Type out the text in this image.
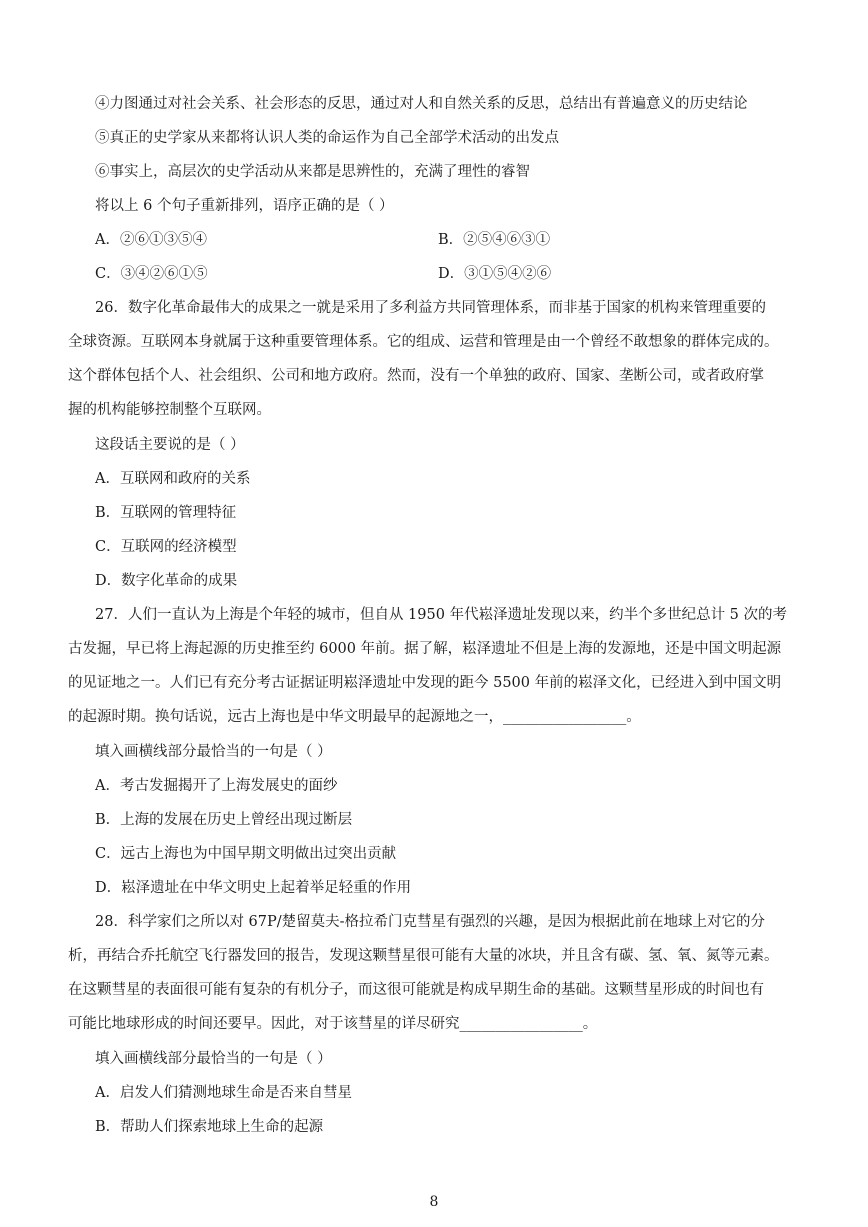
④力图通过对社会关系、社会形态的反思，通过对人和自然关系的反思，总结出有普遍意义的历史结论
⑤真正的史学家从来都将认识人类的命运作为自己全部学术活动的出发点
⑥事实上，高层次的史学活动从来都是思辨性的，充满了理性的睿智
将以上 6 个句子重新排列，语序正确的是（ ）
A．②⑥①③⑤④	B．②⑤④⑥③①
C．③④②⑥①⑤	D．③①⑤④②⑥
26．数字化革命最伟大的成果之一就是采用了多利益方共同管理体系，而非基于国家的机构来管理重要的
全球资源。互联网本身就属于这种重要管理体系。它的组成、运营和管理是由一个曾经不敢想象的群体完成的。
这个群体包括个人、社会组织、公司和地方政府。然而，没有一个单独的政府、国家、垄断公司，或者政府掌
握的机构能够控制整个互联网。
这段话主要说的是（ ）
A．互联网和政府的关系
B．互联网的管理特征
C．互联网的经济模型
D．数字化革命的成果
27．人们一直认为上海是个年轻的城市，但自从 1950 年代崧泽遗址发现以来，约半个多世纪总计 5 次的考
古发掘，早已将上海起源的历史推至约 6000 年前。据了解，崧泽遗址不但是上海的发源地，还是中国文明起源
的见证地之一。人们已有充分考古证据证明崧泽遗址中发现的距今 5500 年前的崧泽文化，已经进入到中国文明
的起源时期。换句话说，远古上海也是中华文明最早的起源地之一，_________________。
填入画横线部分最恰当的一句是（ ）
A．考古发掘揭开了上海发展史的面纱
B．上海的发展在历史上曾经出现过断层
C．远古上海也为中国早期文明做出过突出贡献
D．崧泽遗址在中华文明史上起着举足轻重的作用
28．科学家们之所以对 67P/楚留莫夫-格拉希门克彗星有强烈的兴趣，是因为根据此前在地球上对它的分
析，再结合乔托航空飞行器发回的报告，发现这颗彗星很可能有大量的冰块，并且含有碳、氢、氧、氮等元素。
在这颗彗星的表面很可能有复杂的有机分子，而这很可能就是构成早期生命的基础。这颗彗星形成的时间也有
可能比地球形成的时间还要早。因此，对于该彗星的详尽研究_________________。
填入画横线部分最恰当的一句是（ ）
A．启发人们猜测地球生命是否来自彗星
B．帮助人们探索地球上生命的起源
8
